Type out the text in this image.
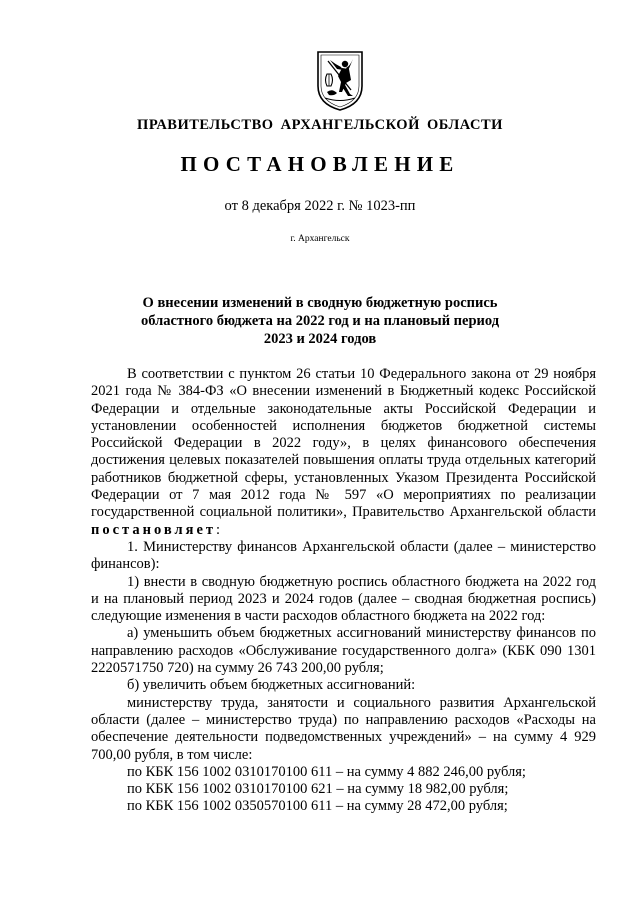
ПРАВИТЕЛЬСТВО АРХАНГЕЛЬСКОЙ ОБЛАСТИ
ПОСТАНОВЛЕНИЕ
от 8 декабря 2022 г. № 1023-пп
г. Архангельск
О внесении изменений в сводную бюджетную роспись
областного бюджета на 2022 год и на плановый период
2023 и 2024 годов

В соответствии с пунктом 26 статьи 10 Федерального закона от 29 ноября 2021 года № 384-ФЗ «О внесении изменений в Бюджетный кодекс Российской Федерации и отдельные законодательные акты Российской Федерации и установлении особенностей исполнения бюджетов бюджетной системы Российской Федерации в 2022 году», в целях финансового обеспечения достижения целевых показателей повышения оплаты труда отдельных категорий работников бюджетной сферы, установленных Указом Президента Российской Федерации от 7 мая 2012 года № 597 «О мероприятиях по реализации государственной социальной политики», Правительство Архангельской области постановляет:

1. Министерству финансов Архангельской области (далее – министерство финансов):

1) внести в сводную бюджетную роспись областного бюджета на 2022 год и на плановый период 2023 и 2024 годов (далее – сводная бюджетная роспись) следующие изменения в части расходов областного бюджета на 2022 год:

а) уменьшить объем бюджетных ассигнований министерству финансов по направлению расходов «Обслуживание государственного долга» (КБК 090 1301 2220571750 720) на сумму 26 743 200,00 рубля;

б) увеличить объем бюджетных ассигнований:

министерству труда, занятости и социального развития Архангельской области (далее – министерство труда) по направлению расходов «Расходы на обеспечение деятельности подведомственных учреждений» – на сумму 4 929 700,00 рубля, в том числе:

по КБК 156 1002 0310170100 611 – на сумму 4 882 246,00 рубля;

по КБК 156 1002 0310170100 621 – на сумму 18 982,00 рубля;

по КБК 156 1002 0350570100 611 – на сумму 28 472,00 рубля;
